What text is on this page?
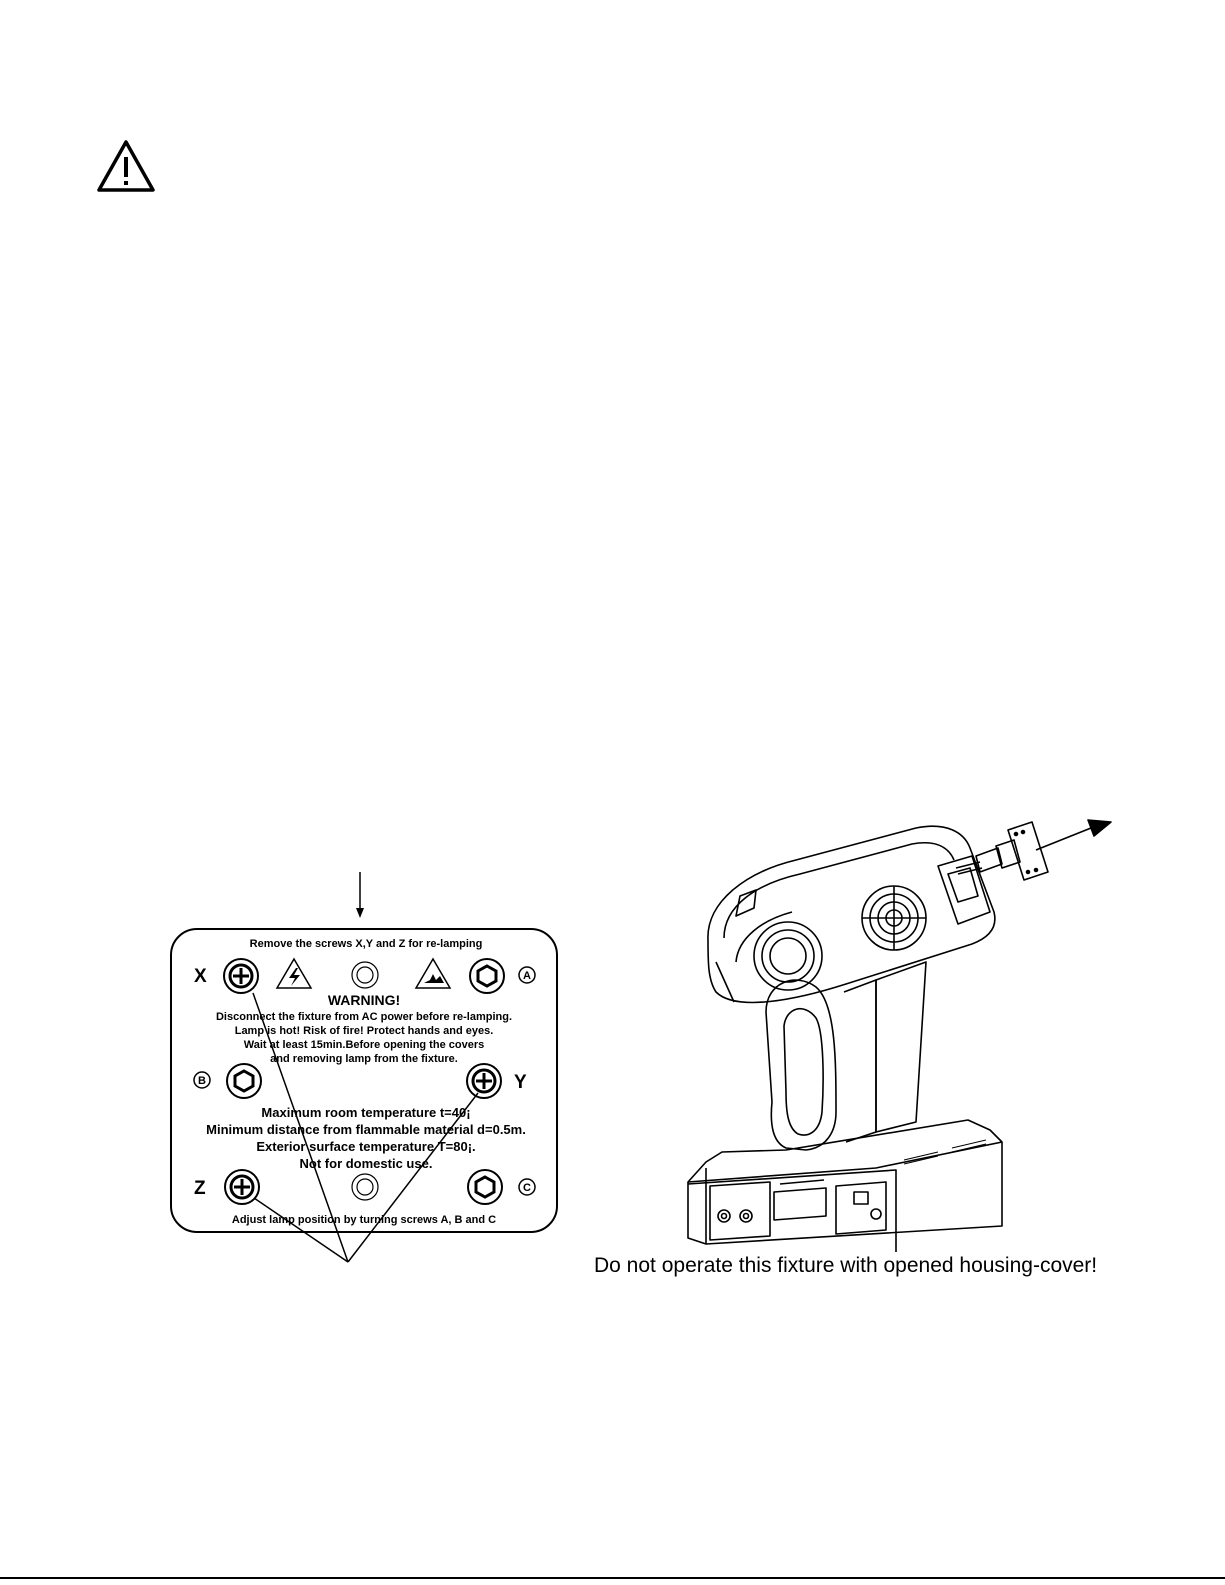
Remove the screws X,Y and Z for re-lamping
X	A
WARNING!
Disconnect the fixture from AC power before re-lamping.
Lamp is hot! Risk of fire! Protect hands and eyes.
Wait at least 15min.Before opening the covers
and removing lamp from the fixture.
B	Y
Maximum room temperature t=40¡
Minimum distance from flammable material d=0.5m.
Exterior surface temperature T=80¡.
Not for domestic use.
Z	C
Adjust lamp position by turning screws A, B and C
Do not operate this fixture with opened housing-cover!
